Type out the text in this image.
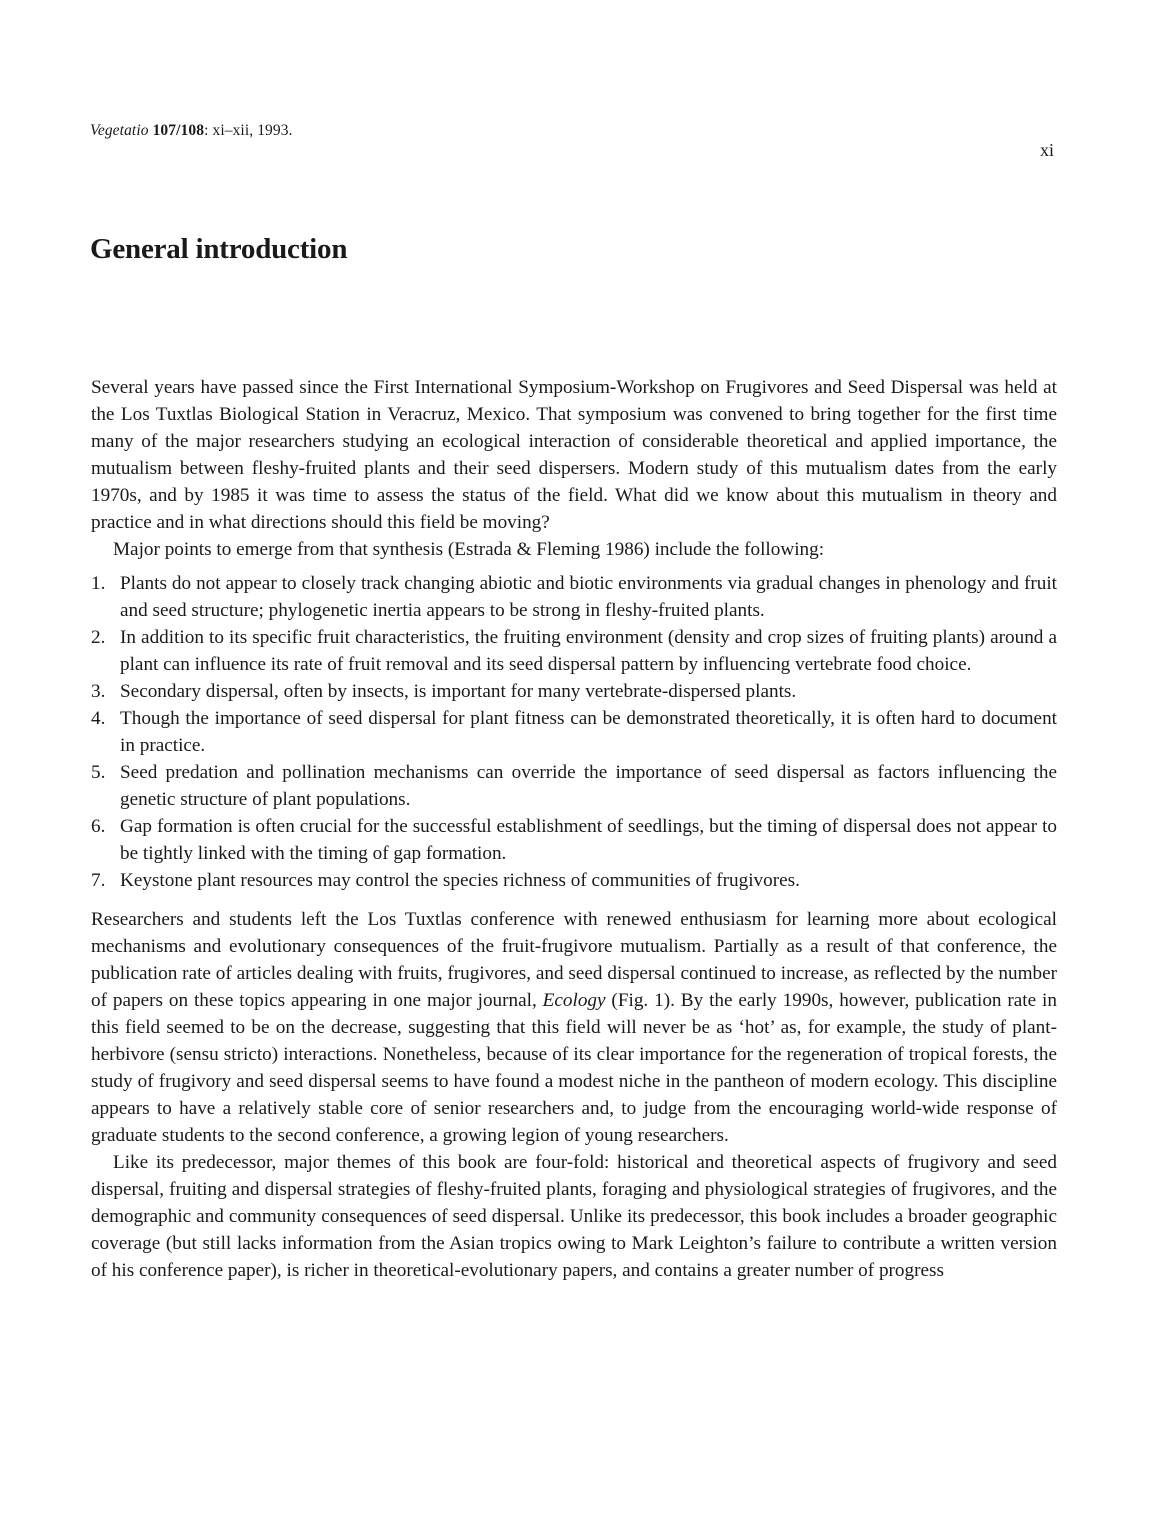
Vegetatio 107/108: xi–xii, 1993.
xi
General introduction

Several years have passed since the First International Symposium-Workshop on Frugivores and Seed Dispersal was held at the Los Tuxtlas Biological Station in Veracruz, Mexico. That symposium was convened to bring together for the first time many of the major researchers studying an ecological interaction of considerable theoretical and applied importance, the mutualism between fleshy-fruited plants and their seed dispersers. Modern study of this mutualism dates from the early 1970s, and by 1985 it was time to assess the status of the field. What did we know about this mutualism in theory and practice and in what directions should this field be moving?

Major points to emerge from that synthesis (Estrada & Fleming 1986) include the following:

1. Plants do not appear to closely track changing abiotic and biotic environments via gradual changes in phenology and fruit and seed structure; phylogenetic inertia appears to be strong in fleshy-fruited plants.
2. In addition to its specific fruit characteristics, the fruiting environment (density and crop sizes of fruiting plants) around a plant can influence its rate of fruit removal and its seed dispersal pattern by influencing vertebrate food choice.
3. Secondary dispersal, often by insects, is important for many vertebrate-dispersed plants.
4. Though the importance of seed dispersal for plant fitness can be demonstrated theoretically, it is often hard to document in practice.
5. Seed predation and pollination mechanisms can override the importance of seed dispersal as factors influencing the genetic structure of plant populations.
6. Gap formation is often crucial for the successful establishment of seedlings, but the timing of dispersal does not appear to be tightly linked with the timing of gap formation.
7. Keystone plant resources may control the species richness of communities of frugivores.

Researchers and students left the Los Tuxtlas conference with renewed enthusiasm for learning more about ecological mechanisms and evolutionary consequences of the fruit-frugivore mutualism. Partially as a result of that conference, the publication rate of articles dealing with fruits, frugivores, and seed dispersal continued to increase, as reflected by the number of papers on these topics appearing in one major journal, Ecology (Fig. 1). By the early 1990s, however, publication rate in this field seemed to be on the decrease, suggesting that this field will never be as ‘hot’ as, for example, the study of plant-herbivore (sensu stricto) interactions. Nonetheless, because of its clear importance for the regeneration of tropical forests, the study of frugivory and seed dispersal seems to have found a modest niche in the pantheon of modern ecology. This discipline appears to have a relatively stable core of senior researchers and, to judge from the encouraging world-wide response of graduate students to the second conference, a growing legion of young researchers.

Like its predecessor, major themes of this book are four-fold: historical and theoretical aspects of frugivory and seed dispersal, fruiting and dispersal strategies of fleshy-fruited plants, foraging and physiological strategies of frugivores, and the demographic and community consequences of seed dispersal. Unlike its predecessor, this book includes a broader geographic coverage (but still lacks information from the Asian tropics owing to Mark Leighton’s failure to contribute a written version of his conference paper), is richer in theoretical-evolutionary papers, and contains a greater number of progress
